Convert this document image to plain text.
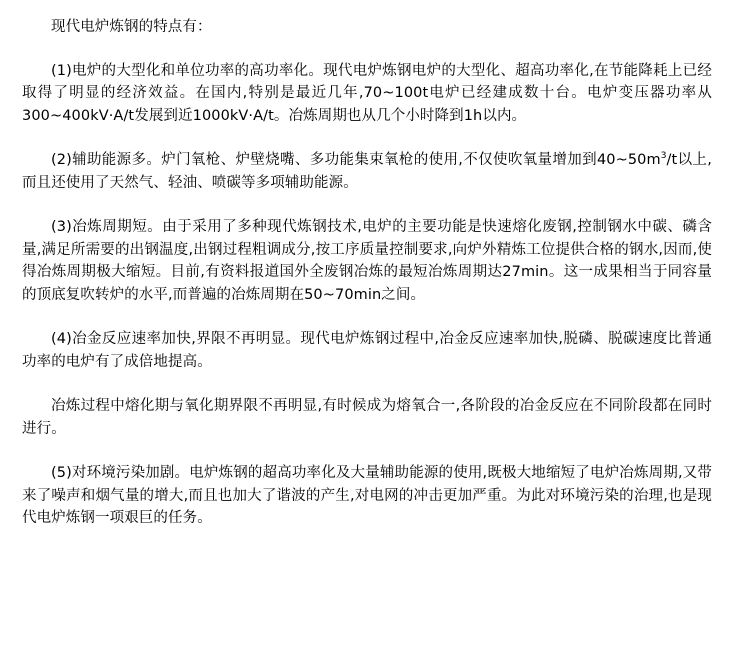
现代电炉炼钢的特点有：

(1)电炉的大型化和单位功率的高功率化。现代电炉炼钢电炉的大型化、超高功率化,在节能降耗上已经取得了明显的经济效益。在国内,特别是最近几年,70~100t电炉已经建成数十台。电炉变压器功率从300~400kV·A/t发展到近1000kV·A/t。冶炼周期也从几个小时降到1h以内。

(2)辅助能源多。炉门氧枪、炉壁烧嘴、多功能集束氧枪的使用,不仅使吹氧量增加到$40\sim 50m^3/t$以上,而且还使用了天然气、轻油、喷碳等多项辅助能源。

(3)冶炼周期短。由于采用了多种现代炼钢技术,电炉的主要功能是快速熔化废钢,控制钢水中碳、磷含量,满足所需要的出钢温度,出钢过程粗调成分,按工序质量控制要求,向炉外精炼工位提供合格的钢水,因而,使得冶炼周期极大缩短。目前,有资料报道国外全废钢冶炼的最短冶炼周期达27min。这一成果相当于同容量的顶底复吹转炉的水平,而普遍的冶炼周期在50~70min之间。

(4)冶金反应速率加快,界限不再明显。现代电炉炼钢过程中,冶金反应速率加快,脱磷、脱碳速度比普通功率的电炉有了成倍地提高。

冶炼过程中熔化期与氧化期界限不再明显,有时候成为熔氧合一,各阶段的冶金反应在不同阶段都在同时进行。

(5)对环境污染加剧。电炉炼钢的超高功率化及大量辅助能源的使用,既极大地缩短了电炉冶炼周期,又带来了噪声和烟气量的增大,而且也加大了谐波的产生,对电网的冲击更加严重。为此对环境污染的治理,也是现代电炉炼钢一项艰巨的任务。
